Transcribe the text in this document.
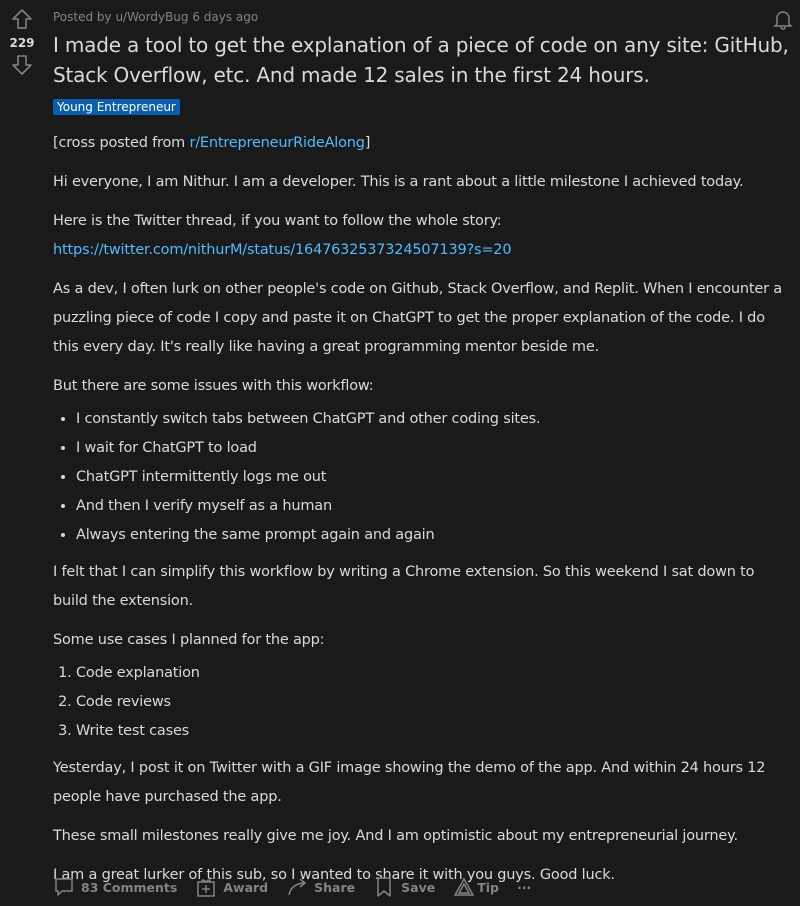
229
Posted by u/WordyBug 6 days ago
I made a tool to get the explanation of a piece of code on any site: GitHub, Stack Overflow, etc. And made 12 sales in the first 24 hours.
Young Entrepreneur

[cross posted from r/EntrepreneurRideAlong]

Hi everyone, I am Nithur. I am a developer. This is a rant about a little milestone I achieved today.

Here is the Twitter thread, if you want to follow the whole story:
https://twitter.com/nithurM/status/1647632537324507139?s=20

As a dev, I often lurk on other people's code on Github, Stack Overflow, and Replit. When I encounter a puzzling piece of code I copy and paste it on ChatGPT to get the proper explanation of the code. I do this every day. It's really like having a great programming mentor beside me.

But there are some issues with this workflow:

• I constantly switch tabs between ChatGPT and other coding sites.
• I wait for ChatGPT to load
• ChatGPT intermittently logs me out
• And then I verify myself as a human
• Always entering the same prompt again and again

I felt that I can simplify this workflow by writing a Chrome extension. So this weekend I sat down to build the extension.

Some use cases I planned for the app:

1. Code explanation
2. Code reviews
3. Write test cases

Yesterday, I post it on Twitter with a GIF image showing the demo of the app. And within 24 hours 12 people have purchased the app.

These small milestones really give me joy. And I am optimistic about my entrepreneurial journey.

I am a great lurker of this sub, so I wanted to share it with you guys. Good luck.

83 Comments	Award	Share	Save	Tip ···
